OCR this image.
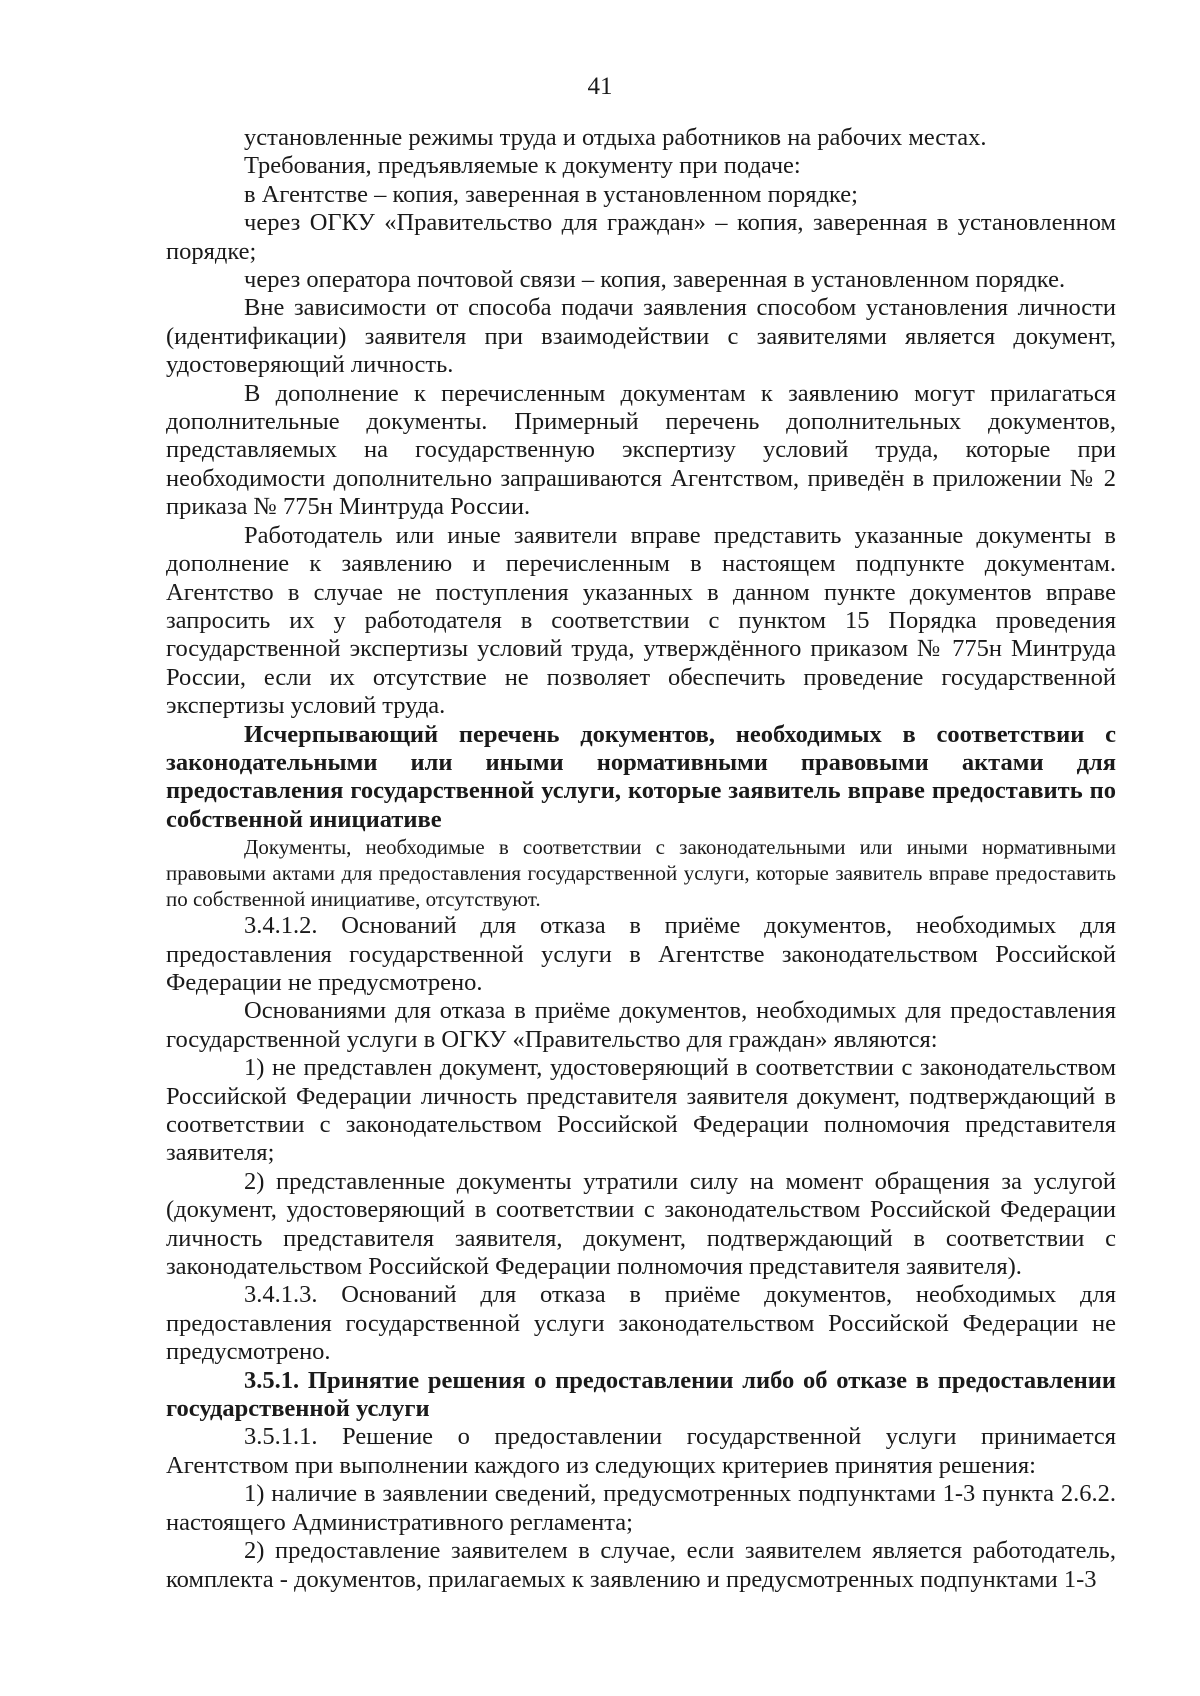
41

установленные режимы труда и отдыха работников на рабочих местах.

Требования, предъявляемые к документу при подаче:

в Агентстве – копия, заверенная в установленном порядке;

через ОГКУ «Правительство для граждан» – копия, заверенная в установленном порядке;

через оператора почтовой связи – копия, заверенная в установленном порядке.

Вне зависимости от способа подачи заявления способом установления личности (идентификации) заявителя при взаимодействии с заявителями является документ, удостоверяющий личность.

В дополнение к перечисленным документам к заявлению могут прилагаться дополнительные документы. Примерный перечень дополнительных документов, представляемых на государственную экспертизу условий труда, которые при необходимости дополнительно запрашиваются Агентством, приведён в приложении № 2 приказа № 775н Минтруда России.

Работодатель или иные заявители вправе представить указанные документы в дополнение к заявлению и перечисленным в настоящем подпункте документам. Агентство в случае не поступления указанных в данном пункте документов вправе запросить их у работодателя в соответствии с пунктом 15 Порядка проведения государственной экспертизы условий труда, утверждённого приказом № 775н Минтруда России, если их отсутствие не позволяет обеспечить проведение государственной экспертизы условий труда.

Исчерпывающий перечень документов, необходимых в соответствии с законодательными или иными нормативными правовыми актами для предоставления государственной услуги, которые заявитель вправе предоставить по собственной инициативе

Документы, необходимые в соответствии с законодательными или иными нормативными правовыми актами для предоставления государственной услуги, которые заявитель вправе предоставить по собственной инициативе, отсутствуют.

3.4.1.2. Оснований для отказа в приёме документов, необходимых для предоставления государственной услуги в Агентстве законодательством Российской Федерации не предусмотрено.

Основаниями для отказа в приёме документов, необходимых для предоставления государственной услуги в ОГКУ «Правительство для граждан» являются:

1) не представлен документ, удостоверяющий в соответствии с законодательством Российской Федерации личность представителя заявителя документ, подтверждающий в соответствии с законодательством Российской Федерации полномочия представителя заявителя;

2) представленные документы утратили силу на момент обращения за услугой (документ, удостоверяющий в соответствии с законодательством Российской Федерации личность представителя заявителя, документ, подтверждающий в соответствии с законодательством Российской Федерации полномочия представителя заявителя).

3.4.1.3. Оснований для отказа в приёме документов, необходимых для предоставления государственной услуги законодательством Российской Федерации не предусмотрено.

3.5.1. Принятие решения о предоставлении либо об отказе в предоставлении государственной услуги

3.5.1.1. Решение о предоставлении государственной услуги принимается Агентством при выполнении каждого из следующих критериев принятия решения:

1) наличие в заявлении сведений, предусмотренных подпунктами 1-3 пункта 2.6.2. настоящего Административного регламента;

2) предоставление заявителем в случае, если заявителем является работодатель, комплекта - документов, прилагаемых к заявлению и предусмотренных подпунктами 1-3
